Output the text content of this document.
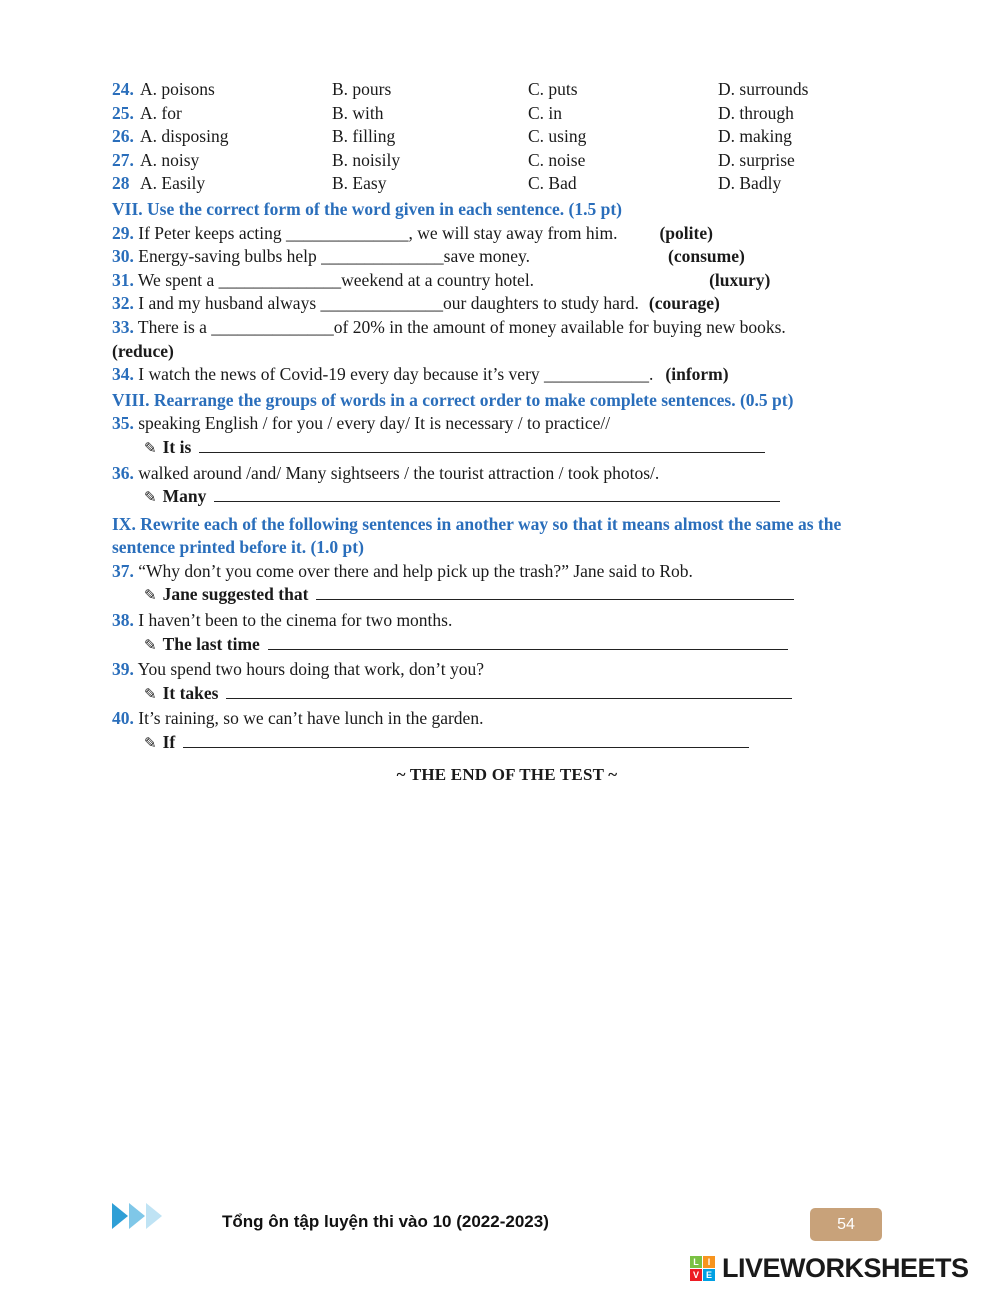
24. A. poisons	B. pours	C. puts	D. surrounds
25. A. for	B. with	C. in	D. through
26. A. disposing	B. filling	C. using	D. making
27. A. noisy	B. noisily	C. noise	D. surprise
28 A. Easily	B. Easy	C. Bad	D. Badly
VII. Use the correct form of the word given in each sentence. (1.5 pt)
29. If Peter keeps acting ______________, we will stay away from him. (polite)
30. Energy-saving bulbs help ______________save money.	(consume)
31. We spent a ______________weekend at a country hotel.	(luxury)
32. I and my husband always ______________our daughters to study hard. (courage)
33. There is a ______________of 20% in the amount of money available for buying new books.
(reduce)
34. I watch the news of Covid-19 every day because it’s very ____________. (inform)
VIII. Rearrange the groups of words in a correct order to make complete sentences. (0.5 pt)
35. speaking English / for you / every day/ It is necessary / to practice//
✎ It is
36. walked around /and/ Many sightseers / the tourist attraction / took photos/.
✎ Many
IX. Rewrite each of the following sentences in another way so that it means almost the same as the sentence printed before it. (1.0 pt)
37. “Why don’t you come over there and help pick up the trash?” Jane said to Rob.
✎ Jane suggested that
38. I haven’t been to the cinema for two months.
✎ The last time
39. You spend two hours doing that work, don’t you?
✎ It takes
40. It’s raining, so we can’t have lunch in the garden.
✎ If
~ THE END OF THE TEST ~
Tổng ôn tập luyện thi vào 10 (2022-2023)	54
L I
V E LIVEWORKSHEETS
